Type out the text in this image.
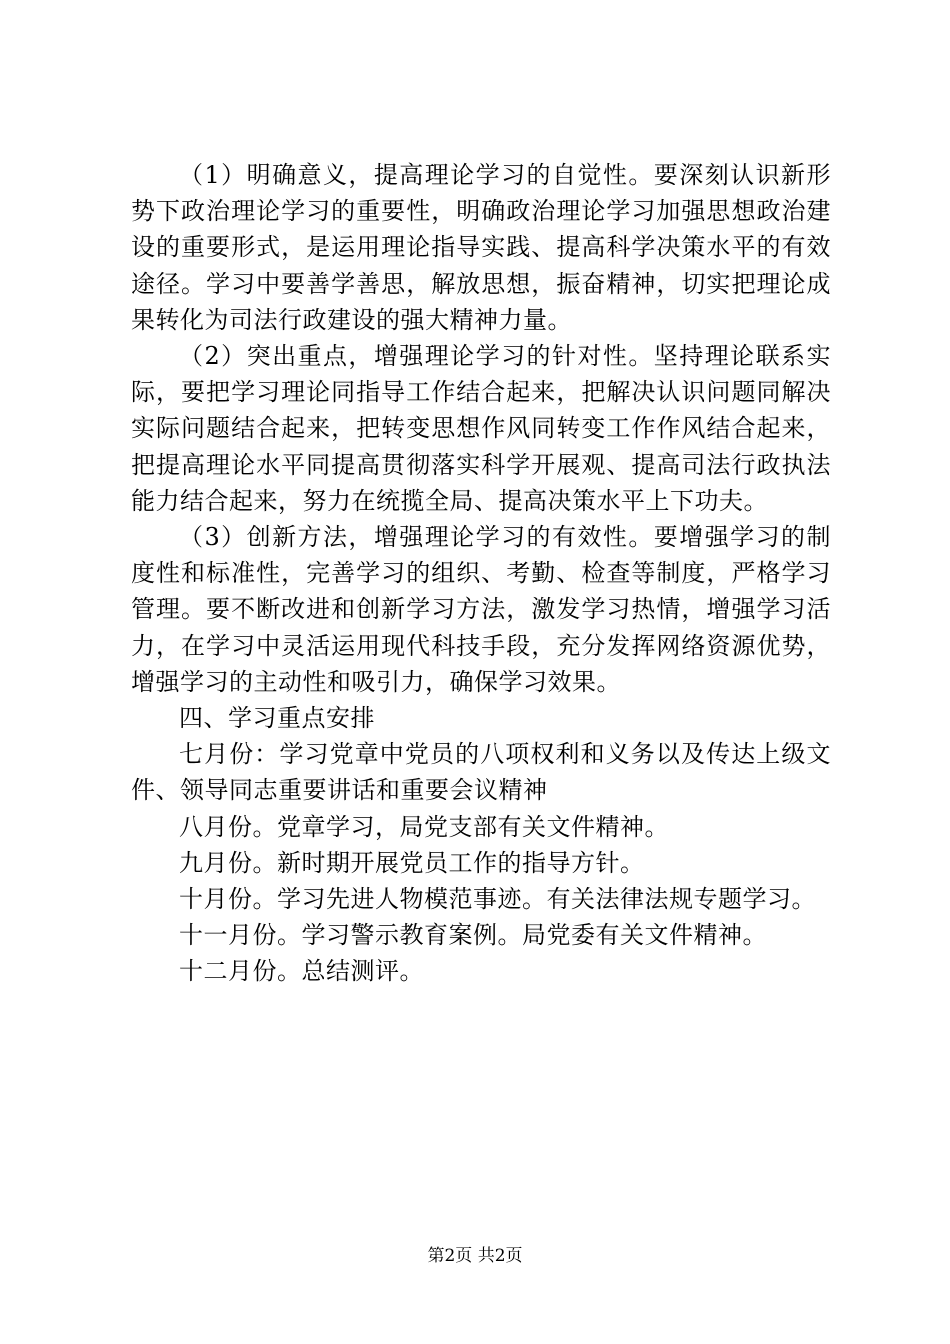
（1）明确意义，提高理论学习的自觉性。要深刻认识新形势下政治理论学习的重要性，明确政治理论学习加强思想政治建设的重要形式，是运用理论指导实践、提高科学决策水平的有效途径。学习中要善学善思，解放思想，振奋精神，切实把理论成果转化为司法行政建设的强大精神力量。

（2）突出重点，增强理论学习的针对性。坚持理论联系实际，要把学习理论同指导工作结合起来，把解决认识问题同解决实际问题结合起来，把转变思想作风同转变工作作风结合起来，把提高理论水平同提高贯彻落实科学开展观、提高司法行政执法能力结合起来，努力在统揽全局、提高决策水平上下功夫。

（3）创新方法，增强理论学习的有效性。要增强学习的制度性和标准性，完善学习的组织、考勤、检查等制度，严格学习管理。要不断改进和创新学习方法，激发学习热情，增强学习活力，在学习中灵活运用现代科技手段，充分发挥网络资源优势，增强学习的主动性和吸引力，确保学习效果。

四、学习重点安排

七月份：学习党章中党员的八项权利和义务以及传达上级文件、领导同志重要讲话和重要会议精神

八月份。党章学习，局党支部有关文件精神。

九月份。新时期开展党员工作的指导方针。

十月份。学习先进人物模范事迹。有关法律法规专题学习。

十一月份。学习警示教育案例。局党委有关文件精神。

十二月份。总结测评。

第2页 共2页
